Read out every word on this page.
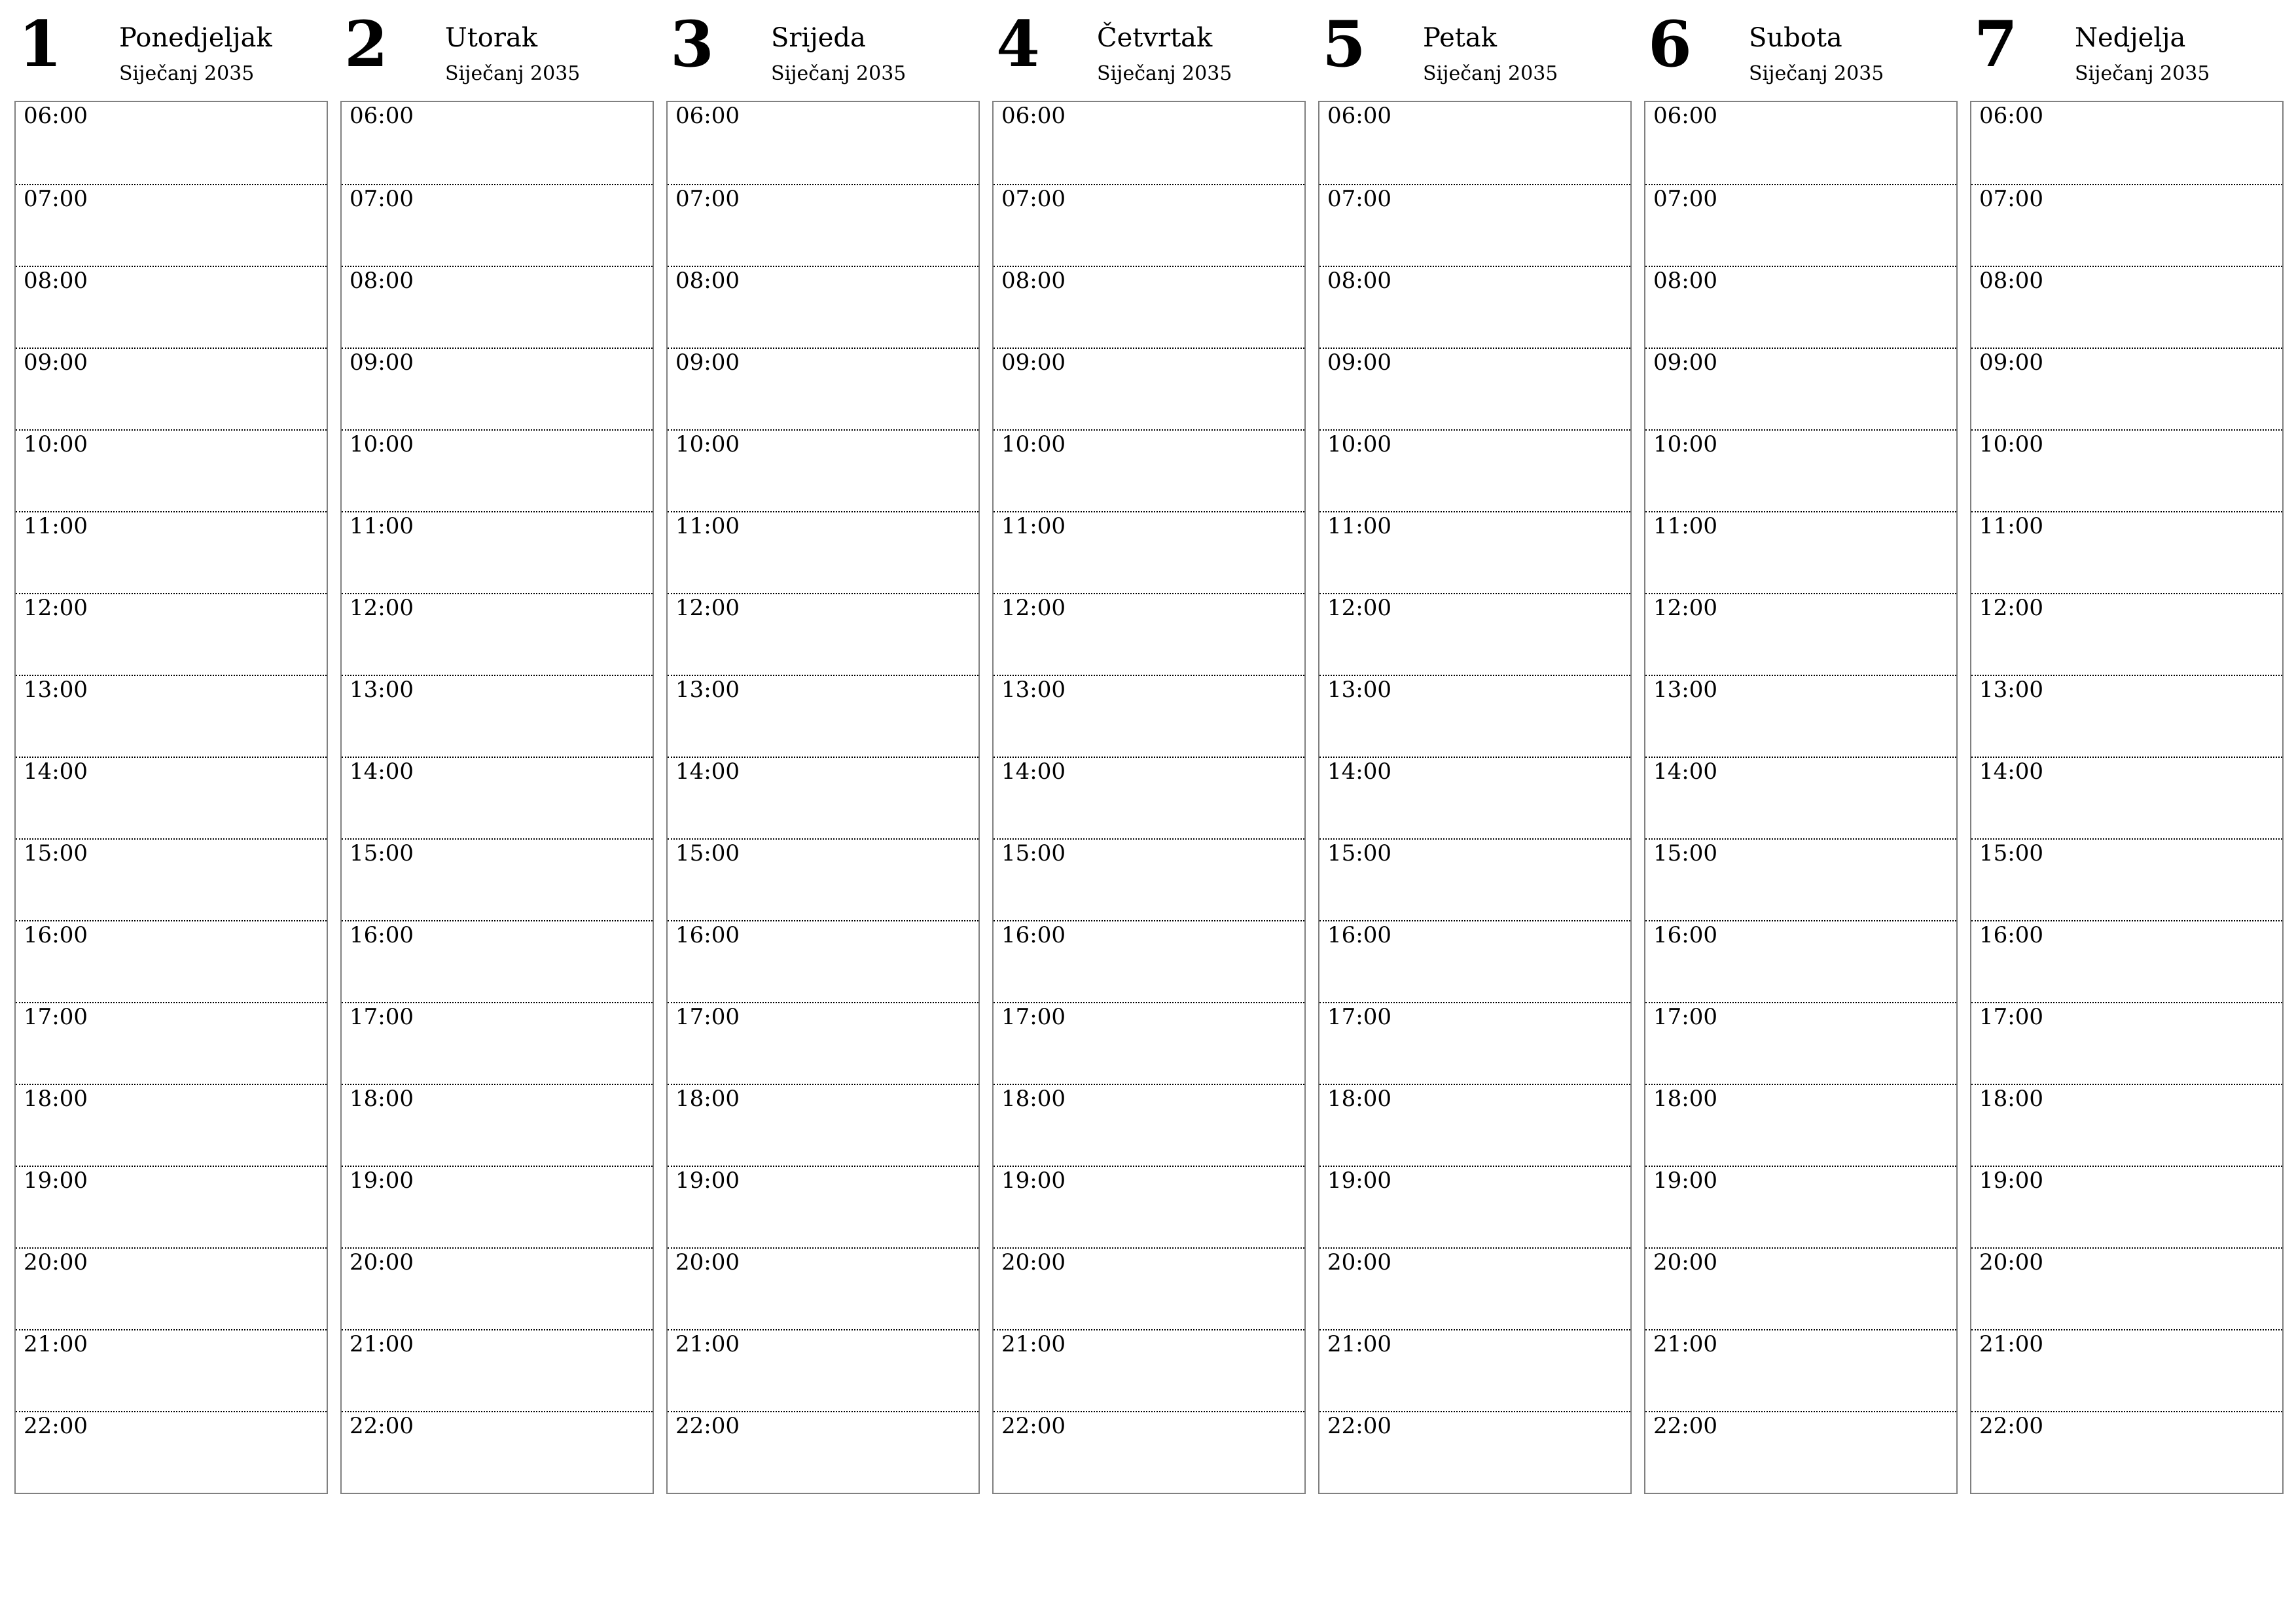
1 Ponedjeljak
Siječanj 2035
06:00
07:00
08:00
09:00
10:00
11:00
12:00
13:00
14:00
15:00
16:00
17:00
18:00
19:00
20:00
21:00
22:00
2 Utorak
Siječanj 2035
06:00
07:00
08:00
09:00
10:00
11:00
12:00
13:00
14:00
15:00
16:00
17:00
18:00
19:00
20:00
21:00
22:00
3 Srijeda
Siječanj 2035
06:00
07:00
08:00
09:00
10:00
11:00
12:00
13:00
14:00
15:00
16:00
17:00
18:00
19:00
20:00
21:00
22:00
4 Četvrtak
Siječanj 2035
06:00
07:00
08:00
09:00
10:00
11:00
12:00
13:00
14:00
15:00
16:00
17:00
18:00
19:00
20:00
21:00
22:00
5 Petak
Siječanj 2035
06:00
07:00
08:00
09:00
10:00
11:00
12:00
13:00
14:00
15:00
16:00
17:00
18:00
19:00
20:00
21:00
22:00
6 Subota
Siječanj 2035
06:00
07:00
08:00
09:00
10:00
11:00
12:00
13:00
14:00
15:00
16:00
17:00
18:00
19:00
20:00
21:00
22:00
7 Nedjelja
Siječanj 2035
06:00
07:00
08:00
09:00
10:00
11:00
12:00
13:00
14:00
15:00
16:00
17:00
18:00
19:00
20:00
21:00
22:00
